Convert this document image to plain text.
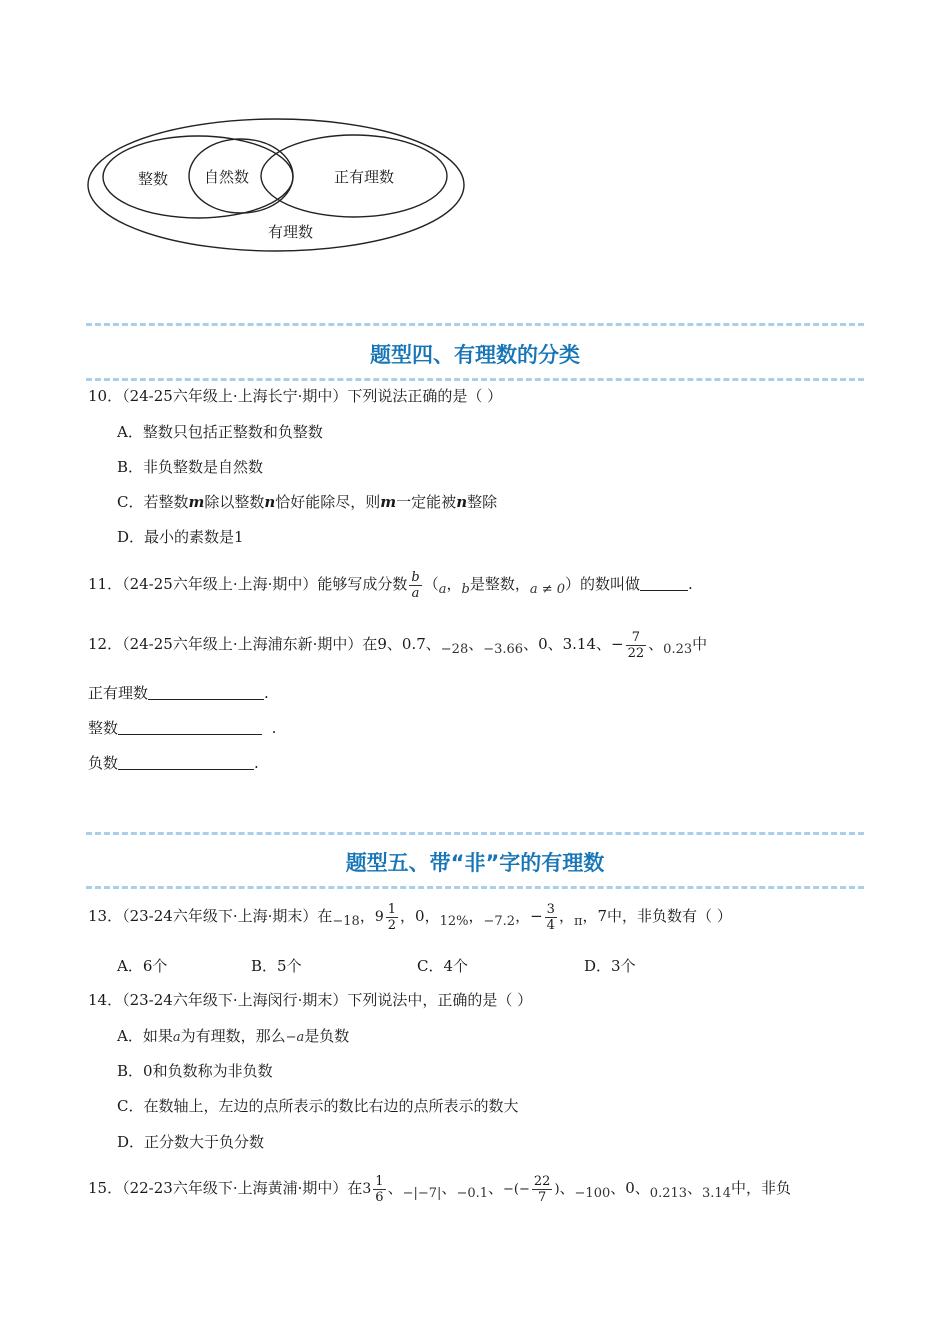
整数 自然数	正有理数
有理数
题型四、有理数的分类
10．（24-25六年级上·上海长宁·期中）下列说法正确的是（ ）
A．整数只包括正整数和负整数
B．非负整数是自然数
C．若整数m除以整数n恰好能除尽，则m一定能被n整除
D．最小的素数是1
11．（24-25六年级上·上海·期中）能够写成分数 $\frac{b}{a} (a$，b是整数，a ≠ 0）的数叫做	.
12．（24-25六年级上·上海浦东新·期中）在9、0.7、−28、−3.66、0、3.14、− $\frac{7}{22}$ 、0.23中
正有理数	.
整数	.
负数	.
题型五、带“非”字的有理数
13．（23-24六年级下·上海·期末）在−18，$9 \frac{1}{2}$ ，0，12%，−7.2，− $\frac{3}{4}$ ，π，7中，非负数有（ ）
A．6个	B．5个	C．4个	D．3个
14．（23-24六年级下·上海闵行·期末）下列说法中，正确的是（ ）
A．如果a为有理数，那么−a是负数
B．0和负数称为非负数
C．在数轴上，左边的点所表示的数比右边的点所表示的数大
D．正分数大于负分数
15．（22-23六年级下·上海黄浦·期中）在$3 \frac{1}{6}$ 、−|−7|、−0.1、−(− $\frac{22}{7}$ )、−100、0、0.213、3.14中，非负
